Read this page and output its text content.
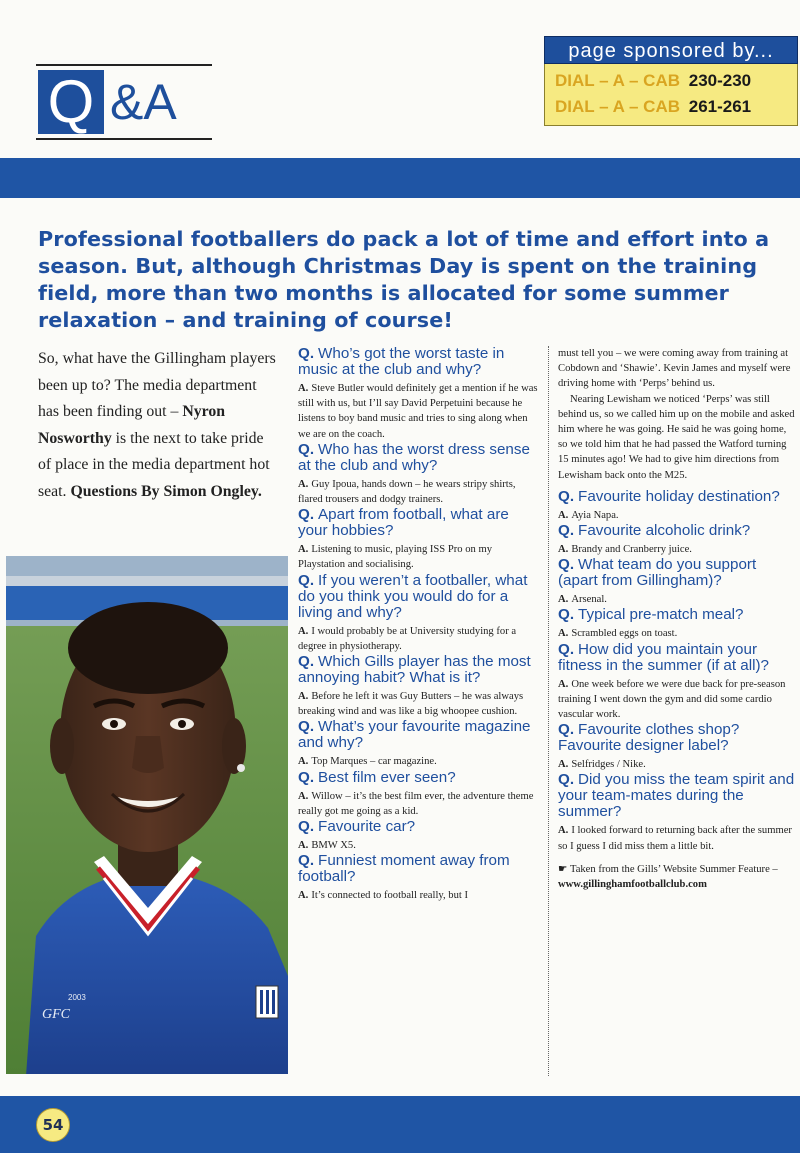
Q &A
page sponsored by...
DIAL – A – CAB 230-230
DIAL – A – CAB 261-261
Professional footballers do pack a lot of time and effort into a season. But, although Christmas Day is spent on the training field, more than two months is allocated for some summer relaxation – and training of course!
So, what have the Gillingham players been up to? The media department has been finding out – Nyron Nosworthy is the next to take pride of place in the media department hot seat. Questions By Simon Ongley.
GFC
2003
Q. Who’s got the worst taste in music at the club and why?
A. Steve Butler would definitely get a mention if he was still with us, but I’ll say David Perpetuini because he listens to boy band music and tries to sing along when we are on the coach.
Q. Who has the worst dress sense at the club and why?
A. Guy Ipoua, hands down – he wears stripy shirts, flared trousers and dodgy trainers.
Q. Apart from football, what are your hobbies?
A. Listening to music, playing ISS Pro on my Playstation and socialising.
Q. If you weren’t a footballer, what do you think you would do for a living and why?
A. I would probably be at University studying for a degree in physiotherapy.
Q. Which Gills player has the most annoying habit? What is it?
A. Before he left it was Guy Butters – he was always breaking wind and was like a big whoopee cushion.
Q. What’s your favourite magazine and why?
A. Top Marques – car magazine.
Q. Best film ever seen?
A. Willow – it’s the best film ever, the adventure theme really got me going as a kid.
Q. Favourite car?
A. BMW X5.
Q. Funniest moment away from football?
A. It’s connected to football really, but I

must tell you – we were coming away from training at Cobdown and ‘Shawie’. Kevin James and myself were driving home with ‘Perps’ behind us.

Nearing Lewisham we noticed ‘Perps’ was still behind us, so we called him up on the mobile and asked him where he was going. He said he was going home, so we told him that he had passed the Watford turning 15 minutes ago! We had to give him directions from Lewisham back onto the M25.

Q. Favourite holiday destination?
A. Ayia Napa.
Q. Favourite alcoholic drink?
A. Brandy and Cranberry juice.
Q. What team do you support (apart from Gillingham)?
A. Arsenal.
Q. Typical pre-match meal?
A. Scrambled eggs on toast.
Q. How did you maintain your fitness in the summer (if at all)?
A. One week before we were due back for pre-season training I went down the gym and did some cardio vascular work.
Q. Favourite clothes shop? Favourite designer label?
A. Selfridges / Nike.
Q. Did you miss the team spirit and your team-mates during the summer?
A. I looked forward to returning back after the summer so I guess I did miss them a little bit.
☛ Taken from the Gills’ Website Summer Feature – www.gillinghamfootballclub.com
54
